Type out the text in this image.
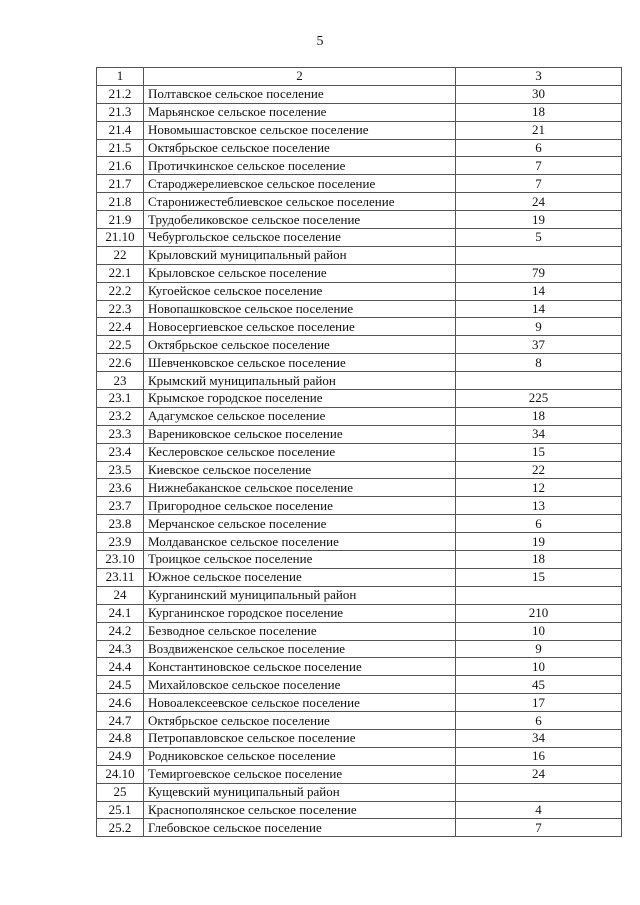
5
1	2	3
21.2	Полтавское сельское поселение	30
21.3	Марьянское сельское поселение	18
21.4	Новомышастовское сельское поселение	21
21.5	Октябрьское сельское поселение	6
21.6	Протичкинское сельское поселение	7
21.7	Староджерелиевское сельское поселение	7
21.8	Старонижестеблиевское сельское поселение	24
21.9	Трудобеликовское сельское поселение	19
21.10	Чебургольское сельское поселение	5
22	Крыловский муниципальный район	
22.1	Крыловское сельское поселение	79
22.2	Кугоейское сельское поселение	14
22.3	Новопашковское сельское поселение	14
22.4	Новосергиевское сельское поселение	9
22.5	Октябрьское сельское поселение	37
22.6	Шевченковское сельское поселение	8
23	Крымский муниципальный район	
23.1	Крымское городское поселение	225
23.2	Адагумское сельское поселение	18
23.3	Варениковское сельское поселение	34
23.4	Кеслеровское сельское поселение	15
23.5	Киевское сельское поселение	22
23.6	Нижнебаканское сельское поселение	12
23.7	Пригородное сельское поселение	13
23.8	Мерчанское сельское поселение	6
23.9	Молдаванское сельское поселение	19
23.10	Троицкое сельское поселение	18
23.11	Южное сельское поселение	15
24	Курганинский муниципальный район	
24.1	Курганинское городское поселение	210
24.2	Безводное сельское поселение	10
24.3	Воздвиженское сельское поселение	9
24.4	Константиновское сельское поселение	10
24.5	Михайловское сельское поселение	45
24.6	Новоалексеевское сельское поселение	17
24.7	Октябрьское сельское поселение	6
24.8	Петропавловское сельское поселение	34
24.9	Родниковское сельское поселение	16
24.10	Темиргоевское сельское поселение	24
25	Кущевский муниципальный район	
25.1	Краснополянское сельское поселение	4
25.2	Глебовское сельское поселение	7
